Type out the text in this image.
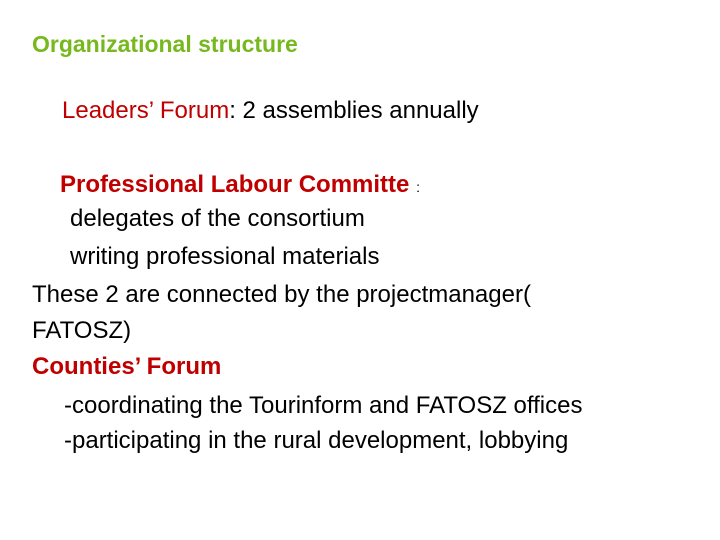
Organizational structure
Leaders’ Forum: 2 assemblies annually
Professional Labour Committe :
delegates of the consortium
writing professional materials
These 2 are connected by the projectmanager(
FATOSZ)
Counties’ Forum
-coordinating the Tourinform and FATOSZ offices
-participating in the rural development, lobbying
